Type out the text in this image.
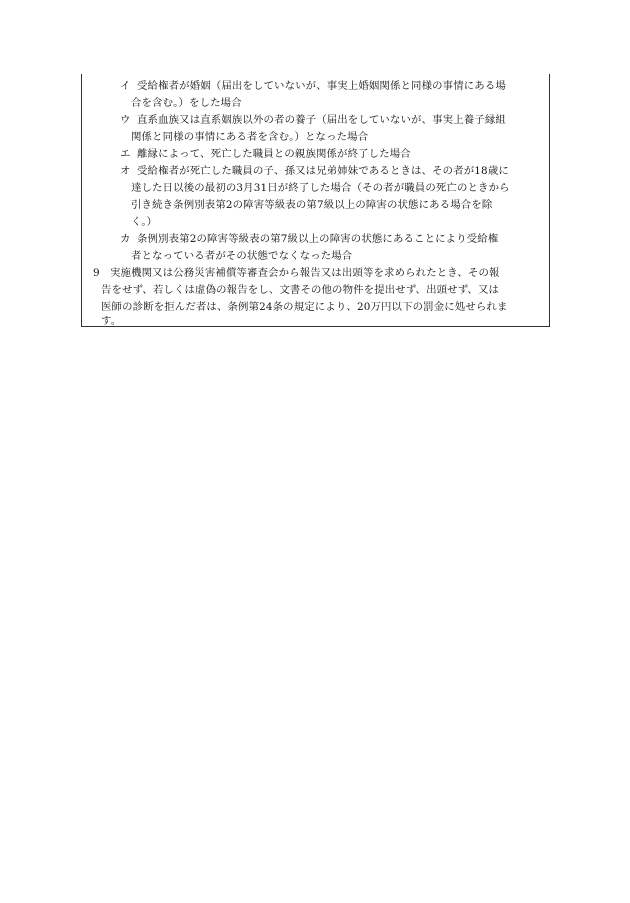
イ 受給権者が婚姻（届出をしていないが、事実上婚姻関係と同様の事情にある場
合を含む。）をした場合
ウ 直系血族又は直系姻族以外の者の養子（届出をしていないが、事実上養子縁組
関係と同様の事情にある者を含む。）となった場合
エ 離縁によって、死亡した職員との親族関係が終了した場合
オ 受給権者が死亡した職員の子、孫又は兄弟姉妹であるときは、その者が18歳に
達した日以後の最初の3月31日が終了した場合（その者が職員の死亡のときから
引き続き条例別表第2の障害等級表の第7級以上の障害の状態にある場合を除
く。）
カ 条例別表第2の障害等級表の第7級以上の障害の状態にあることにより受給権
者となっている者がその状態でなくなった場合
9 実施機関又は公務災害補償等審査会から報告又は出頭等を求められたとき、その報
告をせず、若しくは虚偽の報告をし、文書その他の物件を提出せず、出頭せず、又は
医師の診断を拒んだ者は、条例第24条の規定により、20万円以下の罰金に処せられま
す。
